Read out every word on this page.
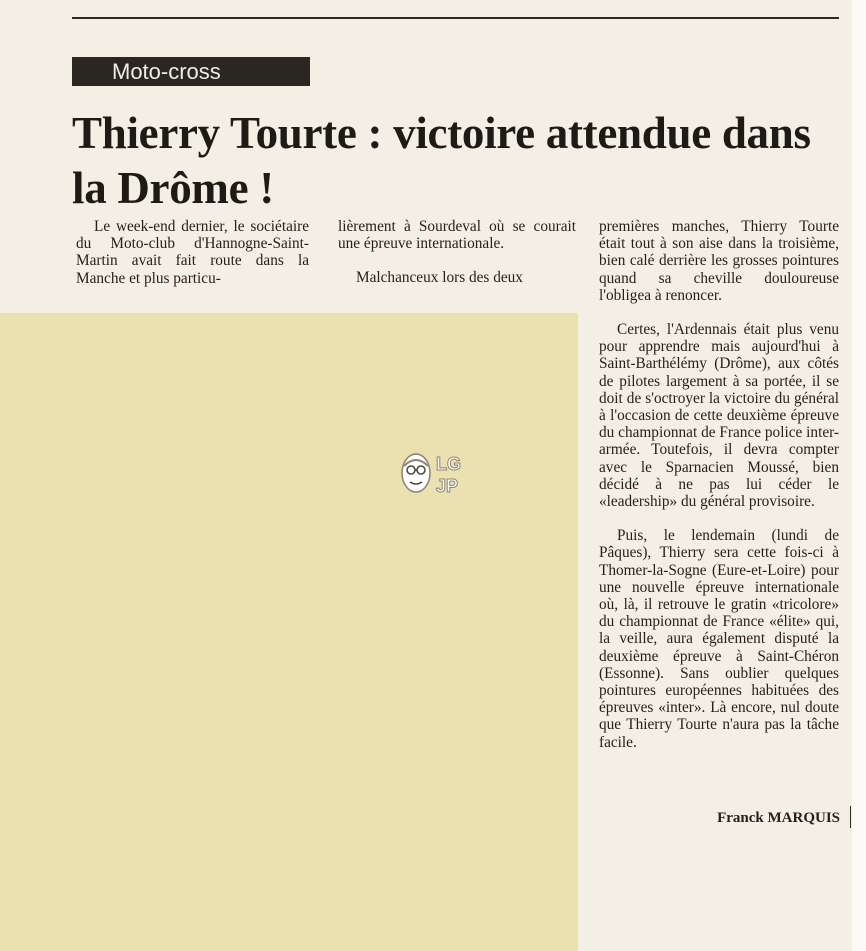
Moto-cross
Thierry Tourte : victoire attendue dans la Drôme !

Le week-end dernier, le sociétaire du Moto-club d'Hannogne-Saint-Martin avait fait route dans la Manche et plus particu-

lièrement à Sourdeval où se courait une épreuve internationale.

Malchanceux lors des deux

premières manches, Thierry Tourte était tout à son aise dans la troisième, bien calé derrière les grosses pointures quand sa cheville douloureuse l'obligea à renoncer.

Certes, l'Ardennais était plus venu pour apprendre mais aujourd'hui à Saint-Barthélémy (Drôme), aux côtés de pilotes largement à sa portée, il se doit de s'octroyer la victoire du général à l'occasion de cette deuxième épreuve du championnat de France police inter-armée. Toutefois, il devra compter avec le Sparnacien Moussé, bien décidé à ne pas lui céder le «leadership» du général provisoire.

Puis, le lendemain (lundi de Pâques), Thierry sera cette fois-ci à Thomer-la-Sogne (Eure-et-Loire) pour une nouvelle épreuve internationale où, là, il retrouve le gratin «tricolore» du championnat de France «élite» qui, la veille, aura également disputé la deuxième épreuve à Saint-Chéron (Essonne). Sans oublier quelques pointures européennes habituées des épreuves «inter». Là encore, nul doute que Thierry Tourte n'aura pas la tâche facile.

Franck MARQUIS
LG
JP
